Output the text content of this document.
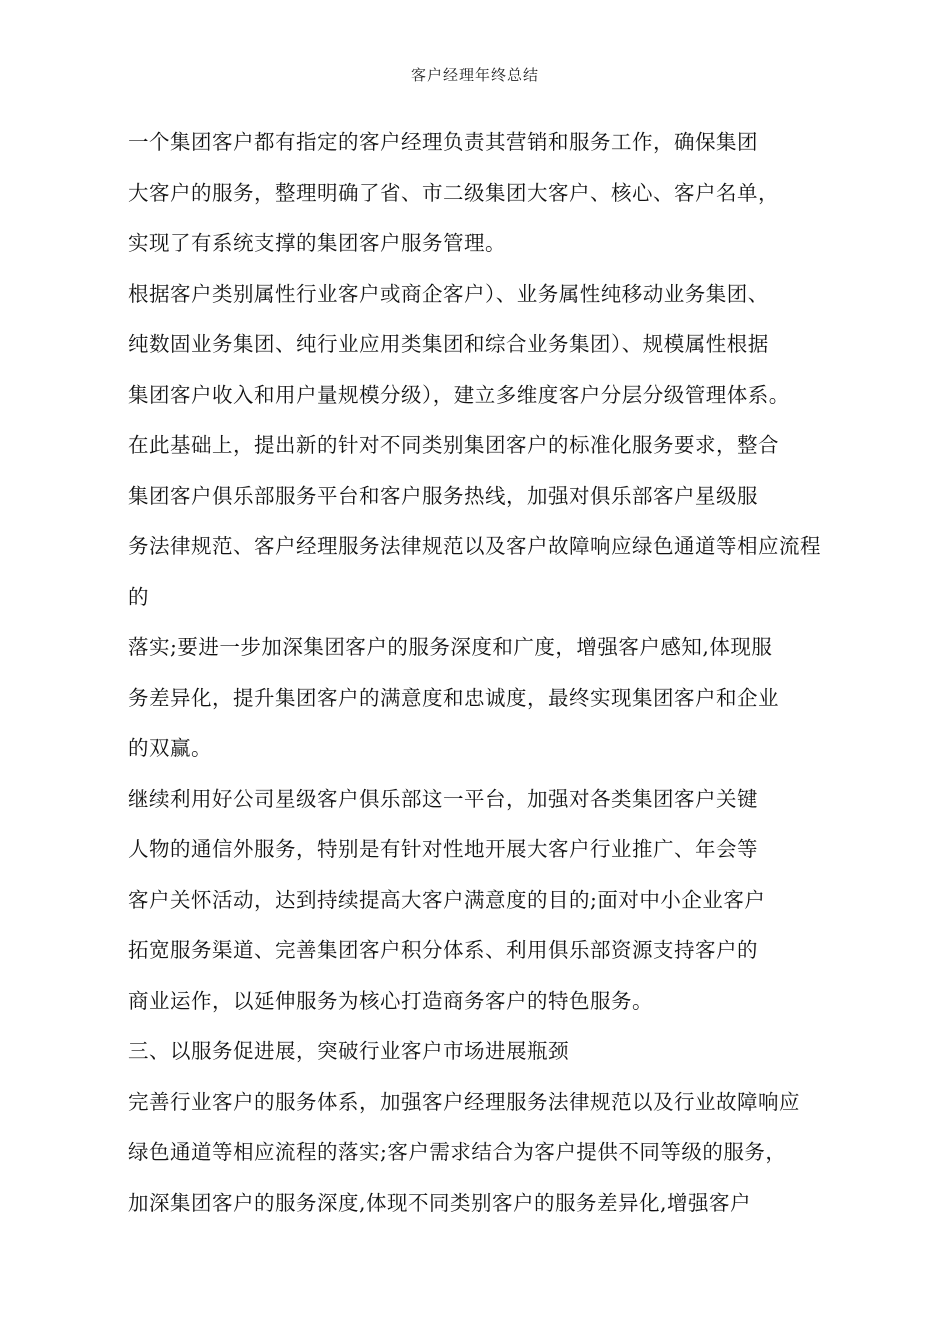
客户经理年终总结
一个集团客户都有指定的客户经理负责其营销和服务工作，确保集团
大客户的服务，整理明确了省、市二级集团大客户、核心、客户名单，
实现了有系统支撑的集团客户服务管理。
根据客户类别属性行业客户或商企客户）、业务属性纯移动业务集团、
纯数固业务集团、纯行业应用类集团和综合业务集团）、规模属性根据
集团客户收入和用户量规模分级），建立多维度客户分层分级管理体系。
在此基础上，提出新的针对不同类别集团客户的标准化服务要求，整合
集团客户俱乐部服务平台和客户服务热线，加强对俱乐部客户星级服
务法律规范、客户经理服务法律规范以及客户故障响应绿色通道等相应流程
的
落实;要进一步加深集团客户的服务深度和广度，增强客户感知,体现服
务差异化，提升集团客户的满意度和忠诚度，最终实现集团客户和企业
的双赢。
继续利用好公司星级客户俱乐部这一平台，加强对各类集团客户关键
人物的通信外服务，特别是有针对性地开展大客户行业推广、年会等
客户关怀活动，达到持续提高大客户满意度的目的;面对中小企业客户
拓宽服务渠道、完善集团客户积分体系、利用俱乐部资源支持客户的
商业运作，以延伸服务为核心打造商务客户的特色服务。
三、以服务促进展，突破行业客户市场进展瓶颈
完善行业客户的服务体系，加强客户经理服务法律规范以及行业故障响应
绿色通道等相应流程的落实;客户需求结合为客户提供不同等级的服务，
加深集团客户的服务深度,体现不同类别客户的服务差异化,增强客户
